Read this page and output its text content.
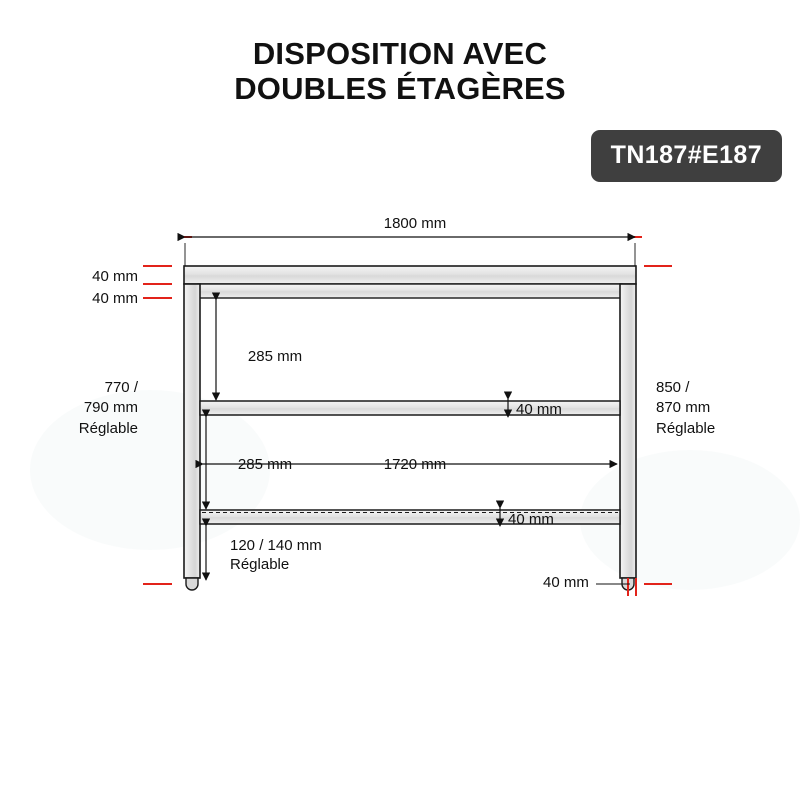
DISPOSITION AVEC
DOUBLES ÉTAGÈRES
TN187#E187
1800 mm
40 mm
40 mm
285 mm
40 mm
285 mm	1720 mm
40 mm
120 / 140 mm
Réglable
40 mm
770 /
790 mm
Réglable
850 /
870 mm
Réglable
